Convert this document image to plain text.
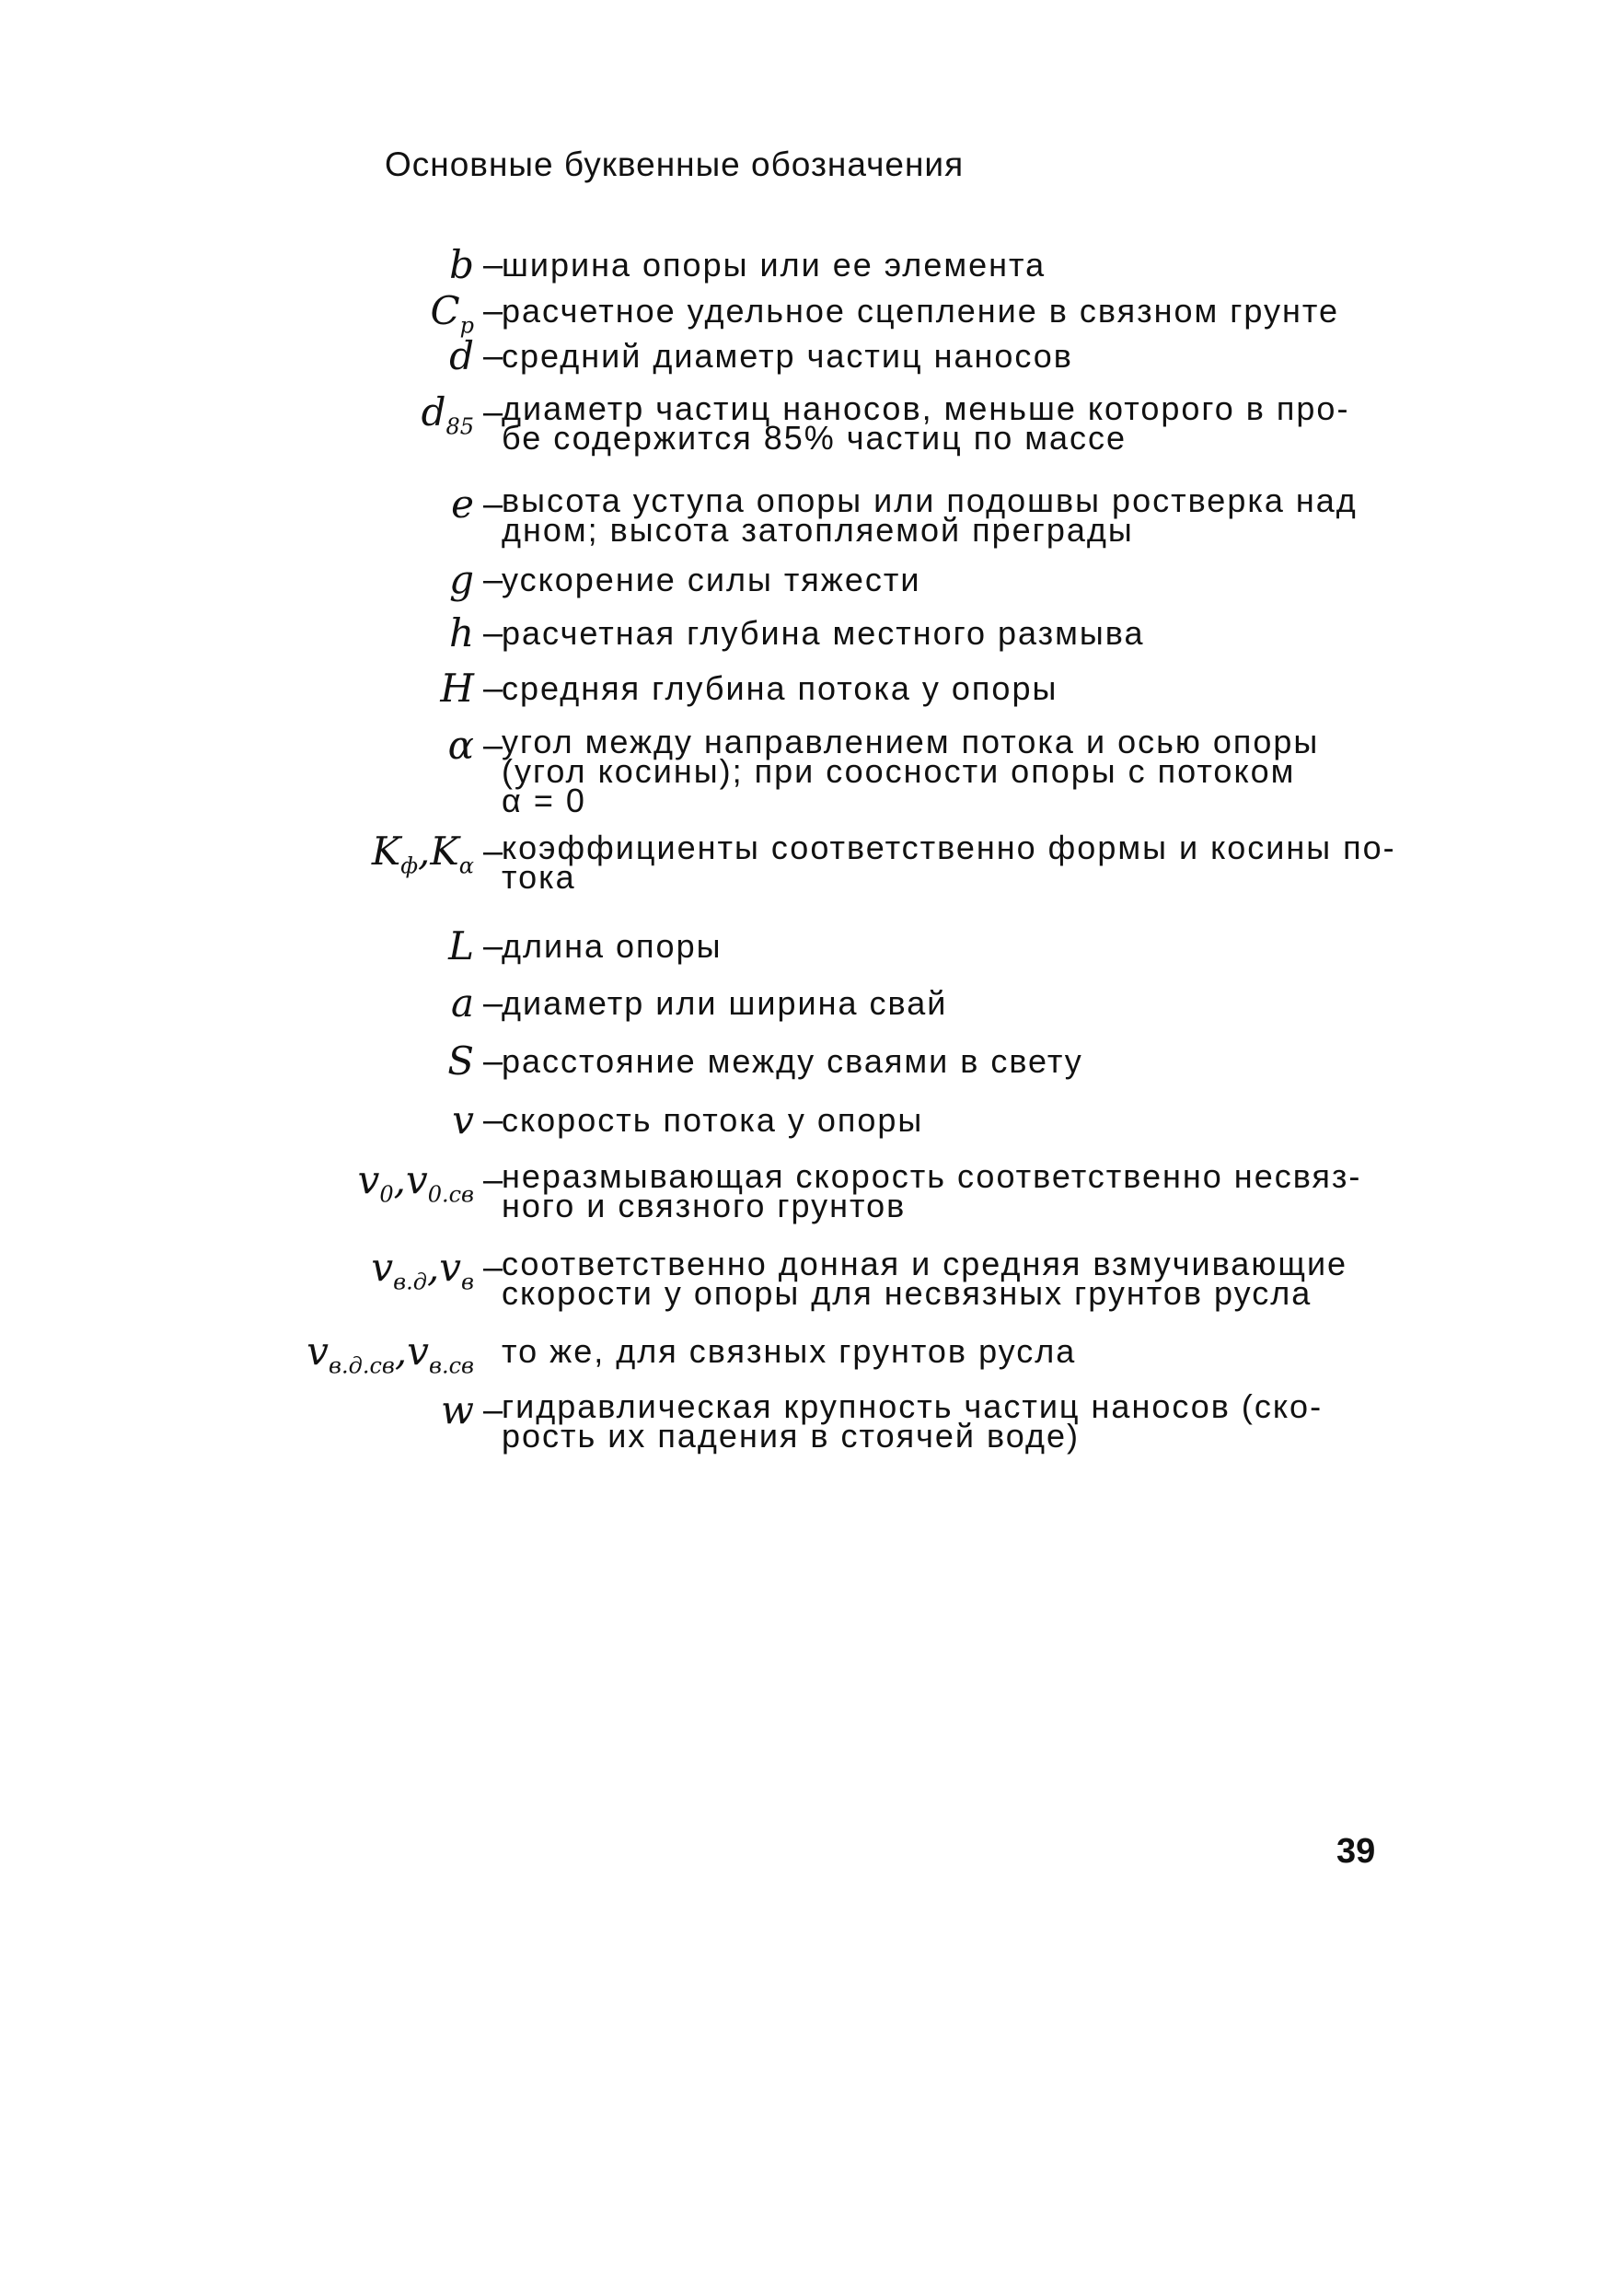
Основные буквенные обозначения
b –
ширина опоры или ее элемента
$C_p$ –
расчетное удельное сцепление в связном грунте
d –
средний диаметр частиц наносов
$d_{85}$ –
диаметр частиц наносов, меньше которого в про-
бе содержится 85% частиц по массе
e –
высота уступа опоры или подошвы ростверка над
дном; высота затопляемой преграды
g –
ускорение силы тяжести
h –
расчетная глубина местного размыва
H –
средняя глубина потока у опоры
α –
угол между направлением потока и осью опоры
(угол косины); при соосности опоры с потоком
α = 0
$K_ф,K_\alpha$ –
коэффициенты соответственно формы и косины по-
тока
L –
длина опоры
a –
диаметр или ширина свай
S –
расстояние между сваями в свету
v –
скорость потока у опоры
$v_0,v_{0.св}$ –
неразмывающая скорость соответственно несвяз-
ного и связного грунтов
$v_{в.д},v_в$ –
соответственно донная и средняя взмучивающие
скорости у опоры для несвязных грунтов русла
$v_{в.д.св},v_{в.св}$ то же, для связных грунтов русла
w –
гидравлическая крупность частиц наносов (ско-
рость их падения в стоячей воде)
39
